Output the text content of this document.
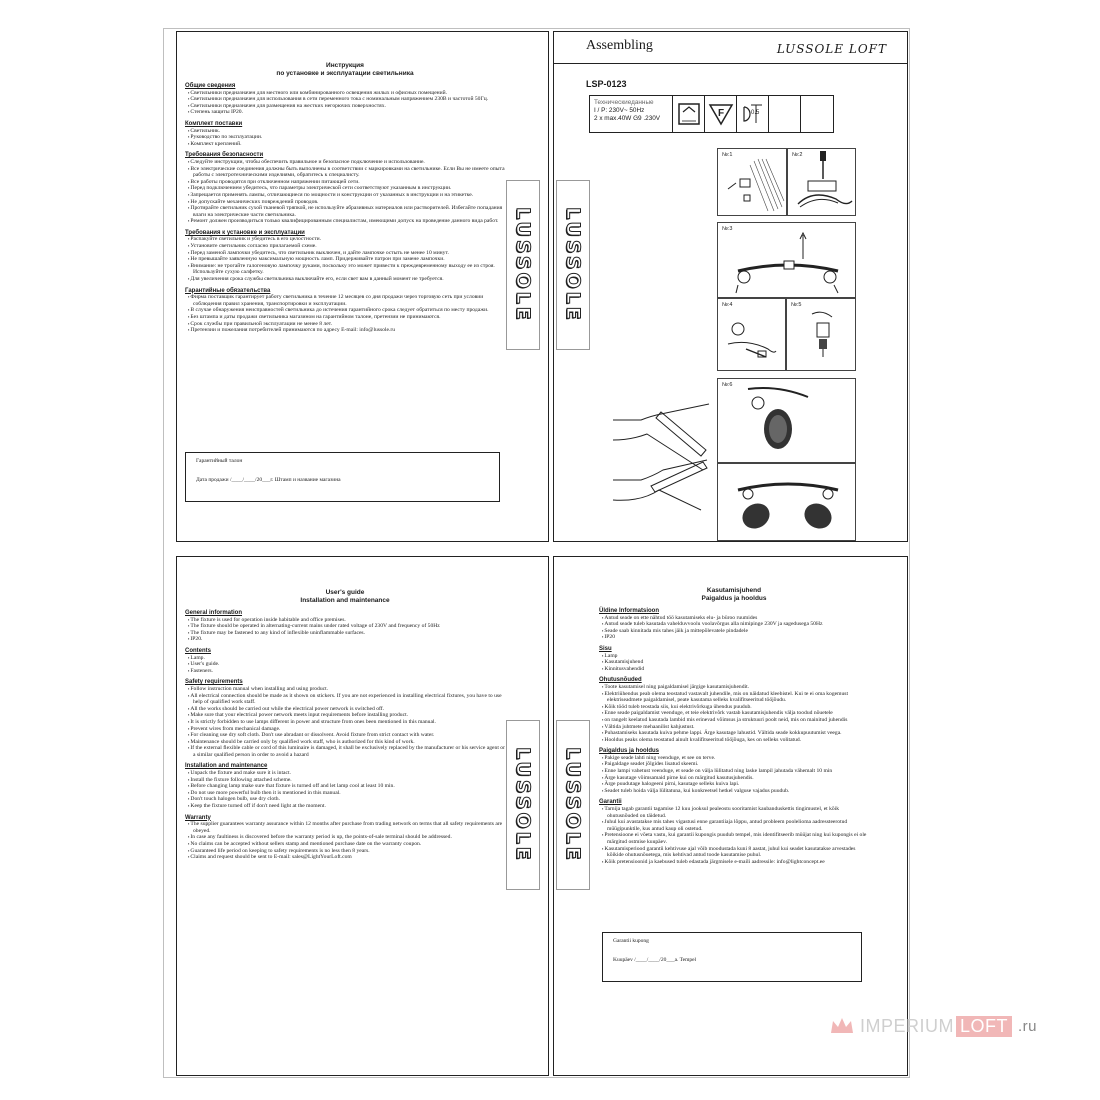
Инструкция
по установке и эксплуатации светильника
Общие сведения
▪ Светильники предназначен для местного или комбинированного освещения жилых и офисных помещений.
▪ Светильники предназначен для использования в сети переменного тока с номинальным напряжением 230В и частотой 50Гц.
▪ Светильники предназначен для размещения на жестких негорючих поверхностях.
▪ Степень защиты IP20.
Комплект поставки
▪ Светильник.
▪ Руководство по эксплуатации.
▪ Комплект креплений.
Требования безопасности
▪ Следуйте инструкции, чтобы обеспечить правильное и безопасное подключение и использование.
▪ Все электрические соединения должны быть выполнены в соответствии с маркировками на светильнике. Если Вы не имеете опыта работы с электротехническими изделиями, обратитесь к специалисту.
▪ Все работы проводятся при отключенном напряжении питающей сети.
▪ Перед подключением убедитесь, что параметры электрической сети соответствуют указанным в инструкции.
▪ Запрещается применять лампы, отличающиеся по мощности и конструкции от указанных в инструкции и на этикетке.
▪ Не допускайте механических повреждений проводов.
▪ Протирайте светильник сухой тканевой тряпкой, не используйте абразивных материалов или растворителей. Избегайте попадания влаги на электрические части светильника.
▪ Ремонт должен производиться только квалифицированным специалистам, имеющими допуск на проведение данного вида работ.
Требования к установке и эксплуатации
▪ Распакуйте светильник и убедитесь в его целостности.
▪ Установите светильник согласно прилагаемой схеме.
▪ Перед заменой лампочки убедитесь, что светильник выключен, и дайте лампочке остыть не менее 10 минут.
▪ Не превышайте заявленную максимальную мощность ламп. Придерживайте патрон при замене лампочки.
▪ Внимание: не трогайте галогеновую лампочку руками, поскольку это может привести к преждевременному выходу ее из строя. Используйте сухую салфетку.
▪ Для увеличения срока службы светильника выключайте его, если свет вам в данный момент не требуется.
Гарантийные обязательства
▪ Фирма поставщик гарантирует работу светильника в течение 12 месяцев со дня продажи через торговую сеть при условии соблюдения правил хранения, транспортировки и эксплуатации.
▪ В случае обнаружения неисправностей светильника до истечения гарантийного срока следует обратиться по месту продажи.
▪ Без штампа и даты продажи светильника магазином на гарантийном талоне, претензии не принимаются.
▪ Срок службы при правильной эксплуатации не менее 8 лет.
▪ Претензии и пожелания потребителей принимаются по адресу E-mail: info@lussole.ru
Гарантийный талон
Дата продажи /____/____/20___г. Штамп и название магазина
Assembling	LUSSOLE LOFT
LSP-0123
Техническиеданные
I / P: 230V~ 50Hz
2 x max.40W G9 .230V	F	0.5
№:1	№:2
№:3
№:4	№:5
№:6
User's guide
Installation and maintenance
General information
▪ The fixture is used for operation inside habitable and office premises.
▪ The fixture should be operated in alternating-current mains under rated voltage of 230V and frequency of 50Hz
▪ The fixture may be fastened to any kind of inflexible uninflammable surfaces.
▪ IP20.
Contents
▪ Lamp.
▪ User's guide.
▪ Fasteners.
Safety requirements
▪ Follow instruction manual when installing and using product.
▪ All electrical connection should be made as it shown on stickers. If you are not experienced in installing electrical fixtures, you have to use help of qualified work staff.
▪ All the works should be carried out while the electrical power network is switched off.
▪ Make sure that your electrical power network meets input requirements before installing product.
▪ It is strictly forbidden to use lamps different in power and structure from ones been mentioned in this manual.
▪ Prevent wires from mechanical damage.
▪ For cleaning use dry soft cloth. Don't use abradant or dissolvent. Avoid fixture from strict contact with water.
▪ Maintenance should be carried only by qualified work staff, who is authorized for this kind of work.
▪ If the external flexible cable or cord of this luminaire is damaged, it shall be exclusively replaced by the manufacturer or his service agent or a similar qualified person in order to avoid a hazard
Installation and maintenance
▪ Unpack the fixture and make sure it is intact.
▪ Install the fixture following attached scheme.
▪ Before changing lamp make sure that fixture is turned off and let lamp cool at least 10 min.
▪ Do not use more powerful bulb then it is mentioned in this manual.
▪ Don't touch halogen bulb, use dry cloth.
▪ Keep the fixture turned off if don't need light at the moment.
Warranty
▪ The supplier guarantees warranty assurance within 12 months after purchase from trading network on terms that all safety requirements are obeyed.
▪ In case any faultiness is discovered before the warranty period is up, the points-of-sale terminal should be addressed.
▪ No claims can be accepted without sellers stamp and mentioned purchase date on the warranty coupon.
▪ Guaranteed life period on keeping to safety requirements is no less then 8 years.
▪ Claims and request should be sent to E-mail: sales@LightYourLoft.com
Kasutamisjuhend
Paigaldus ja hooldus
Üldine Informatsioon
▪ Antud seade on ette nähtud töö kasutamiseks elu- ja büroo ruumides
▪ Antud seade tuleb kasutada vahelduvvoolu voolavõrgus alla nimipinge 230V ja sagedusega 50Hz
▪ Seade saab kinnitada mis tahes jäik ja mittepõlevatele pindadele
▪ IP20
Sisu
▪ Lamp
▪ Kasutamisjuhend
▪ Kinnitusvahendid
Ohutusnõuded
▪ Tootе kasutamisel ning paigaldamisel järgige kasutamisjuhendit.
▪ Elektriühendus peab olema teostatud vastavalt juhendile, mis on näidatud kleebistel. Kui te ei oma kogemust elektriseadmete paigaldamisel, peate kasutama selleks kvalifitseeritud tööjõudu.
▪ Kõik tööd tuleb teostada siis, kui elektrivõrkuga ühendus puudub.
▪ Enne seade paigaldamist veenduge, et teie elektrivõrk vastab kasutamisjuhendis välja toodud nõuetele
▪ on rangelt keelatud kasutada lambid mis erinevad võimsus ja struktuuri poolt neid, mis on mainitud juhendis
▪ Vältida juhtmete mehaanilist kahjustust.
▪ Puhastamiseks kasutada kuiva pehme lappi. Ärge kasutage lahustid. Vältida seade kokkupuutumist veega.
▪ Hooldus peaks olema teostatud ainult kvalifitseeritud tööjõuga, kes on selleks volitatud.
Paigaldus ja hooldus
▪ Pakige seade lahti ning veenduge, et see on terve.
▪ Paigaldage seadet jõlgides lisatud skeemi.
▪ Enne lampi vahetust veenduge, et seade on välja lülitatud ning laske lampil jahutada vähemalt 10 min
▪ Ärge kasutage võimsamaid pirne kui on märgitud kasutusjuhendis.
▪ Ärge puudutage halogeeni pirni, kasutage selleks kuiva lapi.
▪ Seadet tuleb hoida välja lülitatuna, kui konkreetsel hetkel valguse vajadus puudub.
Garantii
▪ Tarnija tagab garantii tagamise 12 kuu jooksul pealeostu sooritamist kaubanduskettis tingimustel, et kõik ohutusnõuded on täidetud.
▪ Juhul kui avastatakse mis tahes vigastusi enne garantiiaja lõppu, antud probleem poolelioma aadressteerotud müügipunktile, kus antud kaup oli ostetud.
▪ Pretensioone ei võeta vastu, kui garantii kupongis puudub tempel, mis identifitseerib müüjat ning kui kupongis ei ole märgitud ostmise kuupäev.
▪ Kasutamisperiood garantii kehtivuse ajal võib moodustada kuni 8 aastat, juhul kui seadet kasutatakse arvestades kõikide ohutusnõuetega, mis kehtivad antud toode kasutamise puhul.
▪ Kõik pretensioonid ja kaebused tuleb edastada järgmisele e-maili aadressile: info@lightconcept.ee
Garantii kupong
Kuupäev /____/____/20___a. Tempel
LUSSOLE LUSSOLE
LUSSOLE LUSSOLE
IMPERIUM LOFT .ru
